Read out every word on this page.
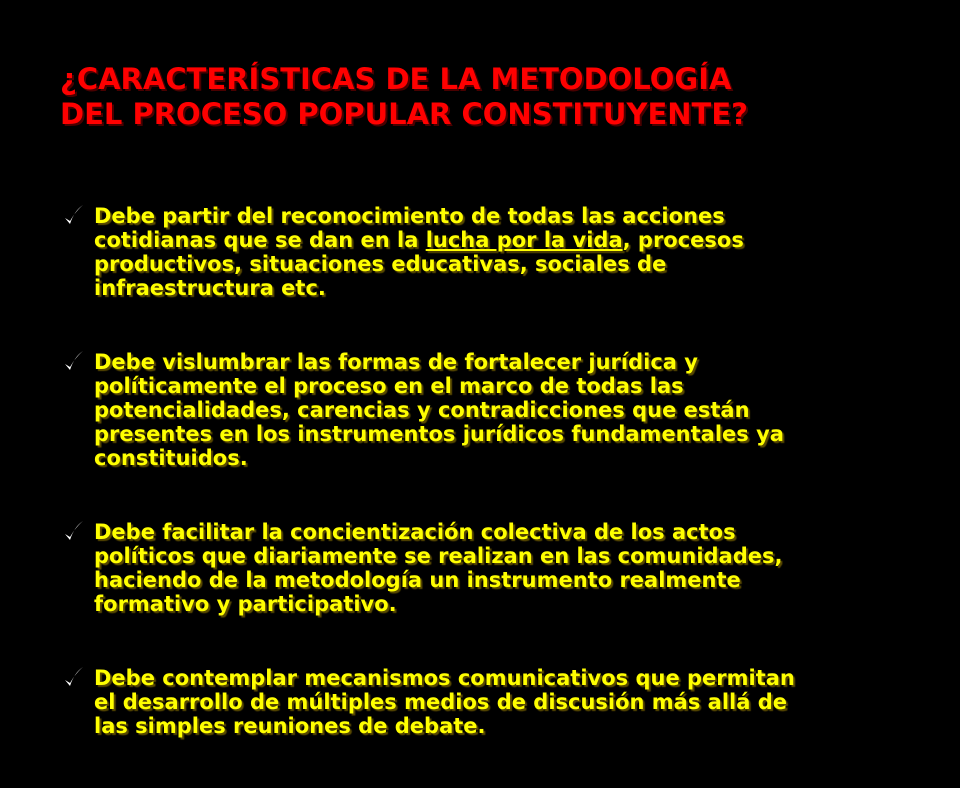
¿CARACTERÍSTICAS DE LA METODOLOGÍA
DEL PROCESO POPULAR CONSTITUYENTE?
Debe partir del reconocimiento de todas las acciones
cotidianas que se dan en la lucha por la vida, procesos
productivos, situaciones educativas, sociales de
infraestructura etc.
Debe vislumbrar las formas de fortalecer jurídica y
políticamente el proceso en el marco de todas las
potencialidades, carencias y contradicciones que están
presentes en los instrumentos jurídicos fundamentales ya
constituidos.
Debe facilitar la concientización colectiva de los actos
políticos que diariamente se realizan en las comunidades,
haciendo de la metodología un instrumento realmente
formativo y participativo.
Debe contemplar mecanismos comunicativos que permitan
el desarrollo de múltiples medios de discusión más allá de
las simples reuniones de debate.
